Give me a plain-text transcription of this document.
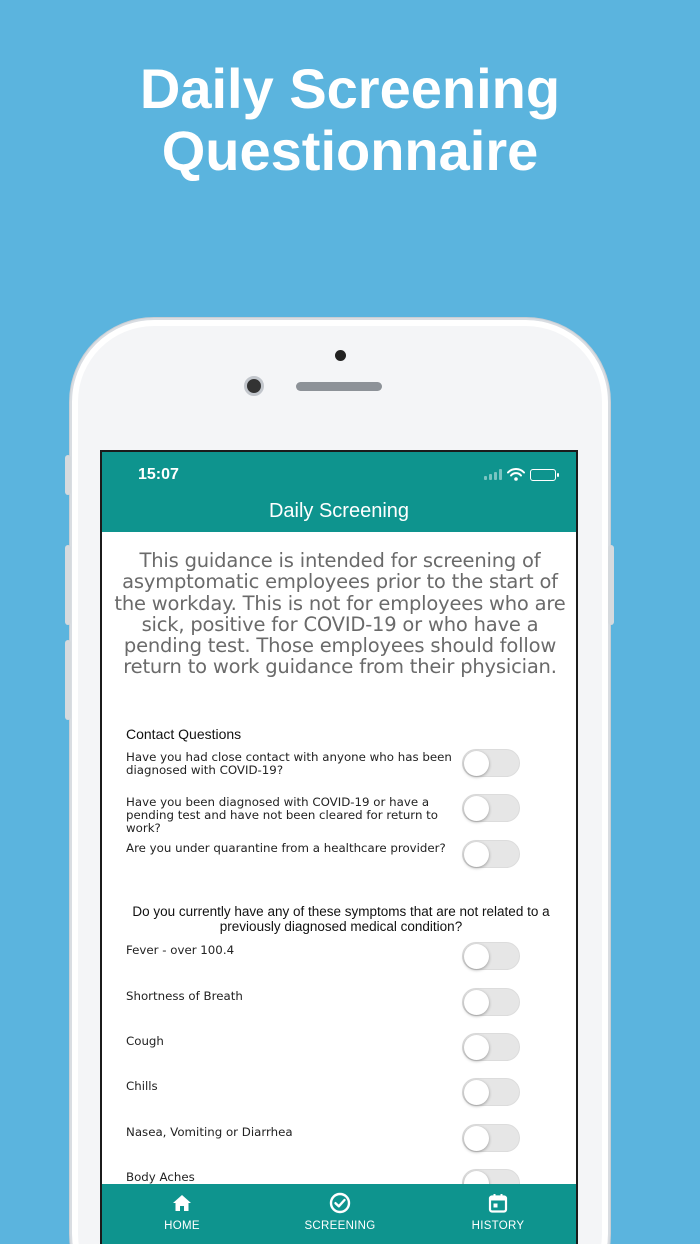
Daily Screening
Questionnaire
15:07
Daily Screening

This guidance is intended for screening of asymptomatic employees prior to the start of the workday. This is not for employees who are sick, positive for COVID-19 or who have a pending test. Those employees should follow return to work guidance from their physician.

Contact Questions
Have you had close contact with anyone who has been diagnosed with COVID-19?
Have you been diagnosed with COVID-19 or have a pending test and have not been cleared for return to work?
Are you under quarantine from a healthcare provider?
Do you currently have any of these symptoms that are not related to a previously diagnosed medical condition?
Fever - over 100.4
Shortness of Breath
Cough
Chills
Nasea, Vomiting or Diarrhea
Body Aches
HOME	SCREENING	HISTORY
